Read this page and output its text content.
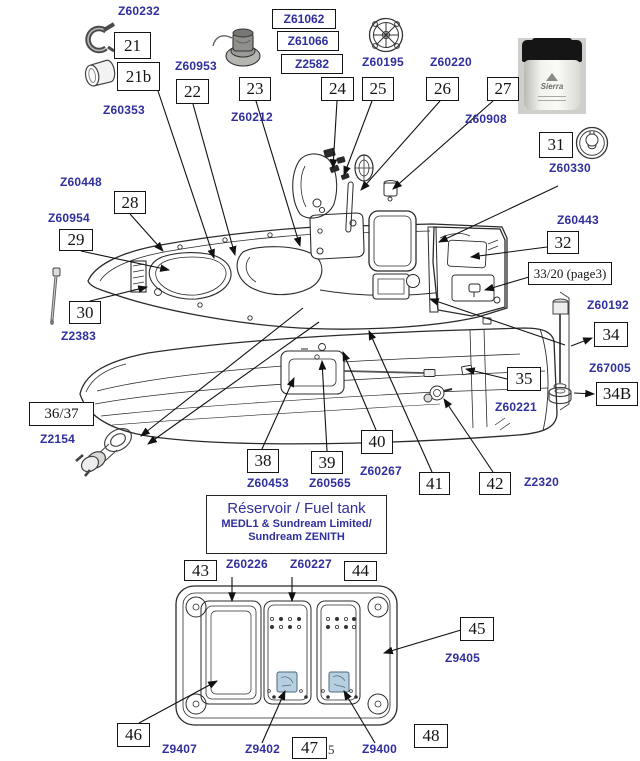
Z60232
Z60353
Z60953
Z60212
Z60195 Z60220
Z60908
Z60330
Z60448
Z60954
Z2383
Z60443
Z60192
Z67005
Z60221
Z2154
Z60453 Z60565
Z60267
Z2320
Z60226 Z60227
Z9405
Z9407	Z9402	Z9400
Z61062
Z61066
Z2582
21
21b
22	23	24	25	26	27
31
28
29
30
32
33/20 (page3)
34
35
34B
36/37
38	39
40
41	42
43	44
45
46
47
48
Réservoir / Fuel tank
MEDL1 & Sundream Limited/
Sundream ZENITH
Sierra
5
